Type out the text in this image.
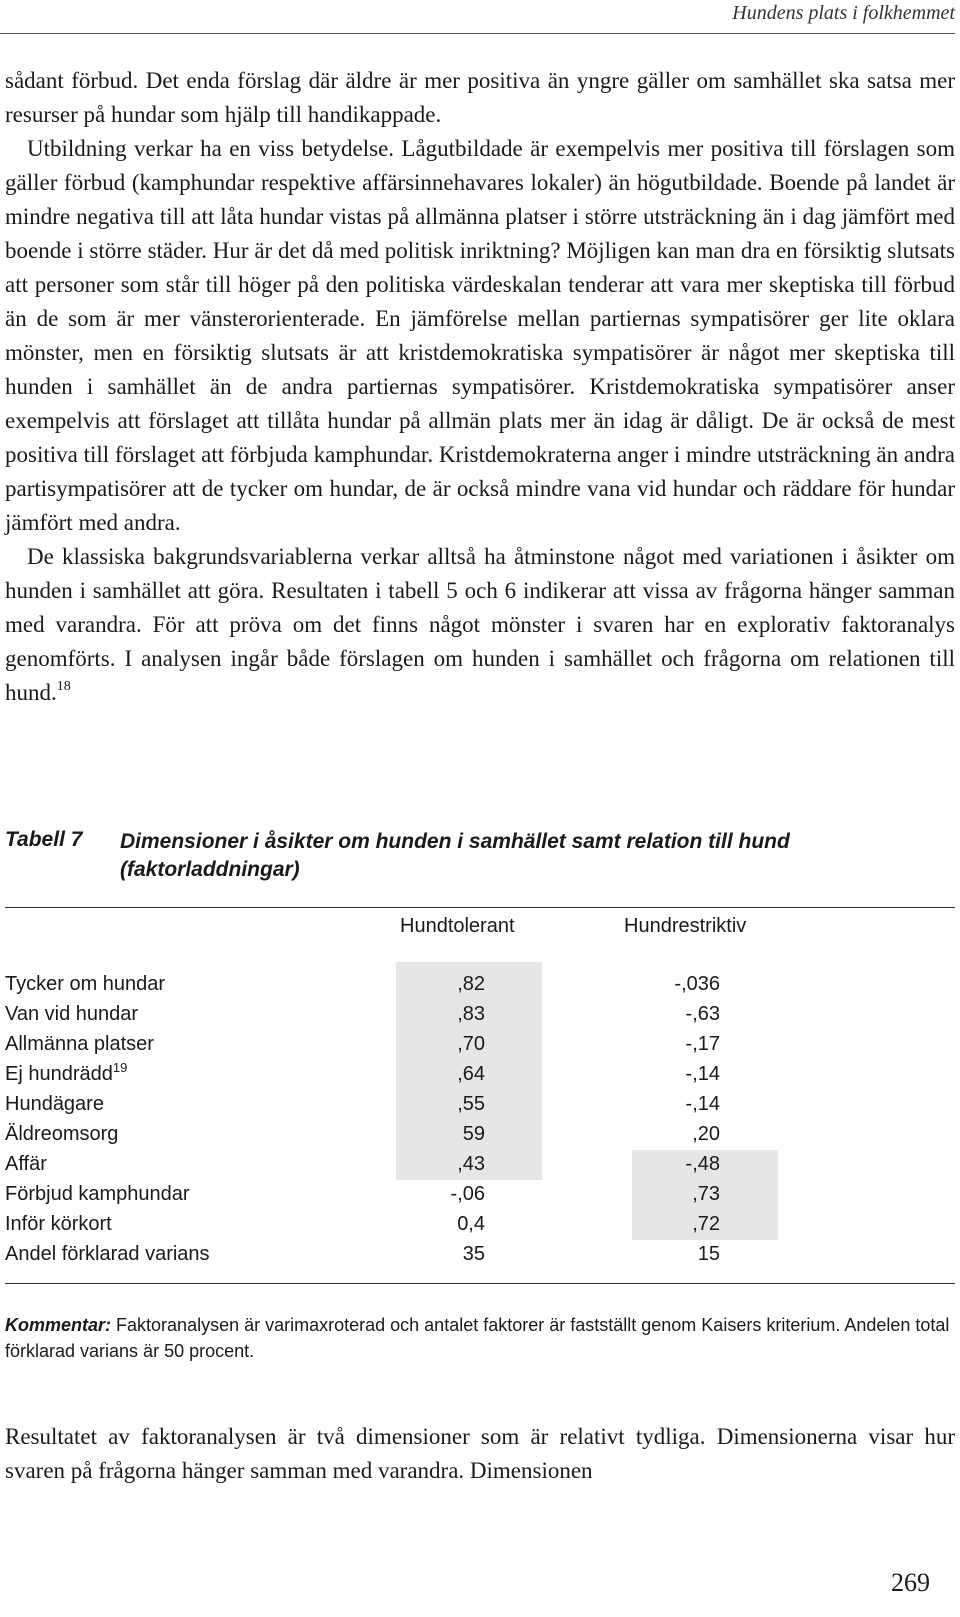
Hundens plats i folkhemmet

sådant förbud. Det enda förslag där äldre är mer positiva än yngre gäller om samhället ska satsa mer resurser på hundar som hjälp till handikappade.

Utbildning verkar ha en viss betydelse. Lågutbildade är exempelvis mer positiva till förslagen som gäller förbud (kamphundar respektive affärsinnehavares lokaler) än högutbildade. Boende på landet är mindre negativa till att låta hundar vistas på allmänna platser i större utsträckning än i dag jämfört med boende i större städer. Hur är det då med politisk inriktning? Möjligen kan man dra en försiktig slutsats att personer som står till höger på den politiska värdeskalan tenderar att vara mer skeptiska till förbud än de som är mer vänsterorienterade. En jämförelse mellan partiernas sympatisörer ger lite oklara mönster, men en försiktig slutsats är att kristdemokratiska sympatisörer är något mer skeptiska till hunden i samhället än de andra partiernas sympatisörer. Kristdemokratiska sympatisörer anser exempelvis att förslaget att tillåta hundar på allmän plats mer än idag är dåligt. De är också de mest positiva till förslaget att förbjuda kamphundar. Kristdemokraterna anger i mindre utsträckning än andra partisympatisörer att de tycker om hundar, de är också mindre vana vid hundar och räddare för hundar jämfört med andra.

De klassiska bakgrundsvariablerna verkar alltså ha åtminstone något med variationen i åsikter om hunden i samhället att göra. Resultaten i tabell 5 och 6 indikerar att vissa av frågorna hänger samman med varandra. För att pröva om det finns något mönster i svaren har en explorativ faktoranalys genomförts. I analysen ingår både förslagen om hunden i samhället och frågorna om relationen till hund.$^{18}$

Tabell 7 Dimensioner i åsikter om hunden i samhället samt relation till hund (faktorladdningar)
Hundtolerant	Hundrestriktiv
Tycker om hundar	,82	-,036
Van vid hundar	,83	-,63
Allmänna platser	,70	-,17
Ej hundrädd$^{19}$	,64	-,14
Hundägare	,55	-,14
Äldreomsorg	59	,20
Affär	,43	-,48
Förbjud kamphundar	-,06	,73
Inför körkort	0,4	,72
Andel förklarad varians	35	15
Kommentar: Faktoranalysen är varimaxroterad och antalet faktorer är fastställt genom Kaisers kriterium. Andelen total förklarad varians är 50 procent.

Resultatet av faktoranalysen är två dimensioner som är relativt tydliga. Dimensionerna visar hur svaren på frågorna hänger samman med varandra. Dimensionen

269
